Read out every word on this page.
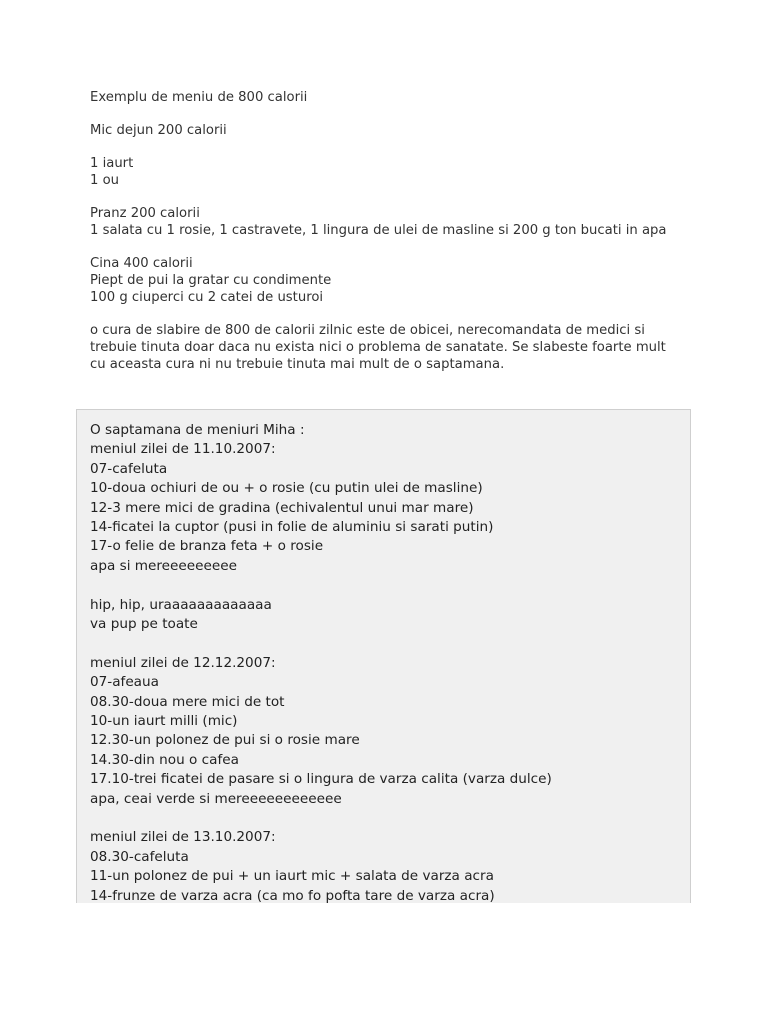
Exemplu de meniu de 800 calorii
Mic dejun 200 calorii
1 iaurt
1 ou
Pranz 200 calorii
1 salata cu 1 rosie, 1 castravete, 1 lingura de ulei de masline si 200 g ton bucati in apa
Cina 400 calorii
Piept de pui la gratar cu condimente
100 g ciuperci cu 2 catei de usturoi
o cura de slabire de 800 de calorii zilnic este de obicei, nerecomandata de medici si trebuie tinuta doar daca nu exista nici o problema de sanatate. Se slabeste foarte mult cu aceasta cura ni nu trebuie tinuta mai mult de o saptamana.
O saptamana de meniuri Miha :
meniul zilei de 11.10.2007:
07-cafeluta
10-doua ochiuri de ou + o rosie (cu putin ulei de masline)
12-3 mere mici de gradina (echivalentul unui mar mare)
14-ficatei la cuptor (pusi in folie de aluminiu si sarati putin)
17-o felie de branza feta + o rosie
apa si mereeeeeeeee
hip, hip, uraaaaaaaaaaaaa
va pup pe toate
meniul zilei de 12.12.2007:
07-afeaua
08.30-doua mere mici de tot
10-un iaurt milli (mic)
12.30-un polonez de pui si o rosie mare
14.30-din nou o cafea
17.10-trei ficatei de pasare si o lingura de varza calita (varza dulce)
apa, ceai verde si mereeeeeeeeeeee
meniul zilei de 13.10.2007:
08.30-cafeluta
11-un polonez de pui + un iaurt mic + salata de varza acra
14-frunze de varza acra (ca mo fo pofta tare de varza acra)
